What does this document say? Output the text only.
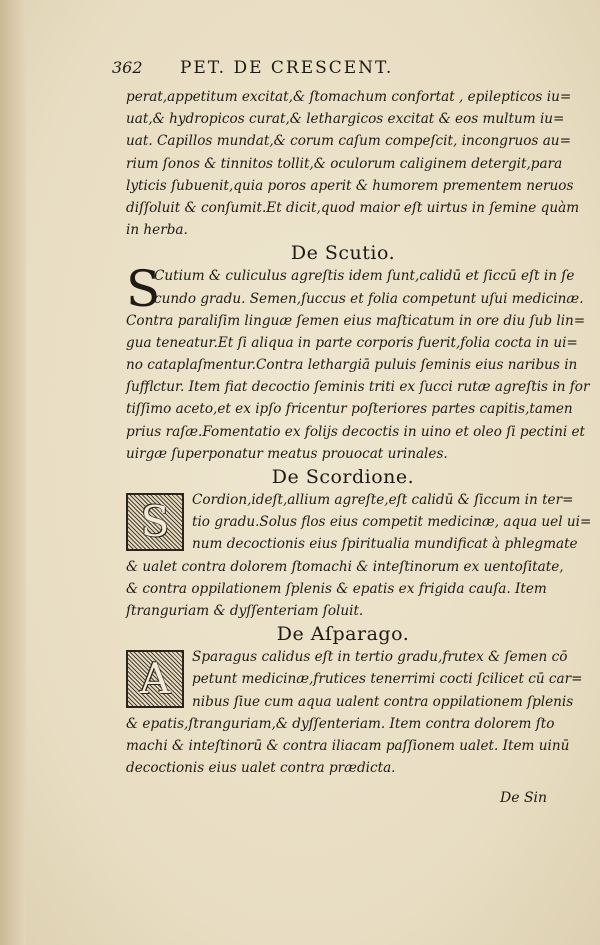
362 PET. DE CRESCENT.
perat,appetitum excitat,& ſtomachum confortat , epilepticos iu=
uat,& hydropicos curat,& lethargicos excitat & eos multum iu=
uat. Capillos mundat,& corum caſum compeſcit, incongruos au=
rium ſonos & tinnitos tollit,& oculorum caliginem detergit,para
lyticis ſubuenit,quia poros aperit & humorem prementem neruos
diſſoluit & conſumit.Et dicit,quod maior eſt uirtus in ſemine quàm
in herba.
De Scutio.
S
Cutium & culiculus agreſtis idem ſunt,calidū et ſiccū eſt in ſe
cundo gradu. Semen,ſuccus et folia competunt uſui medicinæ.
Contra paraliſim linguæ ſemen eius maſticatum in ore diu ſub lin=
gua teneatur.Et ſi aliqua in parte corporis fuerit,folia cocta in ui=
no cataplaſmentur.Contra lethargiā puluis ſeminis eius naribus in
ſufflctur. Item fiat decoctio ſeminis triti ex ſucci rutæ agreſtis in for
tiſſimo aceto,et ex ipſo fricentur poſteriores partes capitis,tamen
prius raſæ.Fomentatio ex folijs decoctis in uino et oleo ſi pectini et
uirgæ ſuperponatur meatus prouocat urinales.
De Scordione.
S	Cordion,ideſt,allium agreſte,eſt calidū & ſiccum in ter=
tio gradu.Solus flos eius competit medicinæ, aqua uel ui=
num decoctionis eius ſpiritualia mundificat à phlegmate
& ualet contra dolorem ſtomachi & inteſtinorum ex uentoſitate,
& contra oppilationem ſplenis & epatis ex frigida cauſa. Item
ſtranguriam & dyſſenteriam ſoluit.
De Aſparago.
A	Sparagus calidus eſt in tertio gradu,frutex & ſemen cō
petunt medicinæ,frutices tenerrimi cocti ſcilicet cū car=
nibus ſiue cum aqua ualent contra oppilationem ſplenis
& epatis,ſtranguriam,& dyſſenteriam. Item contra dolorem ſto
machi & inteſtinorū & contra iliacam paſſionem ualet. Item uinū
decoctionis eius ualet contra prædicta.
De Sin
